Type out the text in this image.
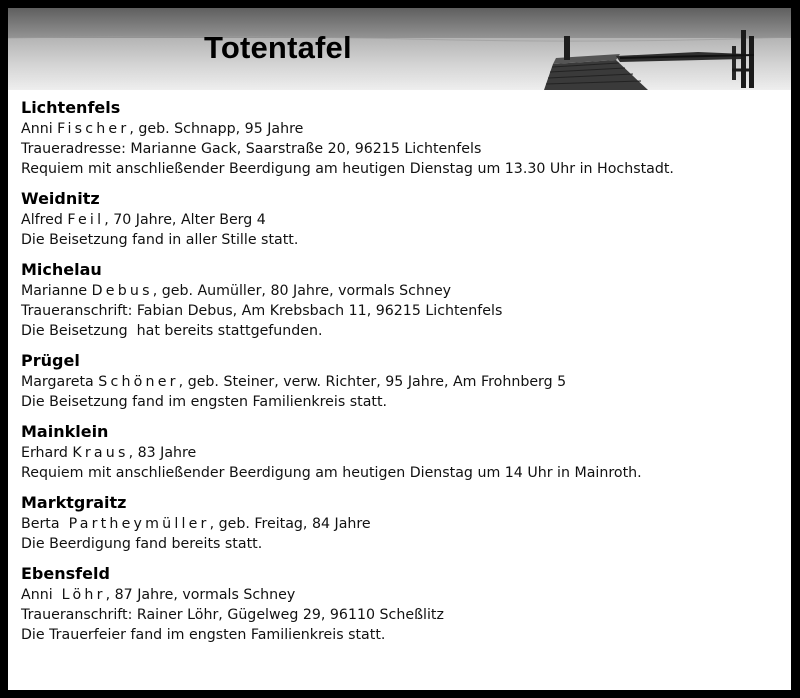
Totentafel
Lichtenfels
Anni Fischer, geb. Schnapp, 95 Jahre
Traueradresse: Marianne Gack, Saarstraße 20, 96215 Lichtenfels
Requiem mit anschließender Beerdigung am heutigen Dienstag um 13.30 Uhr in Hochstadt.
Weidnitz
Alfred Feil, 70 Jahre, Alter Berg 4
Die Beisetzung fand in aller Stille statt.
Michelau
Marianne Debus, geb. Aumüller, 80 Jahre, vormals Schney
Traueranschrift: Fabian Debus, Am Krebsbach 11, 96215 Lichtenfels
Die Beisetzung  hat bereits stattgefunden.
Prügel
Margareta Schöner, geb. Steiner, verw. Richter, 95 Jahre, Am Frohnberg 5
Die Beisetzung fand im engsten Familienkreis statt.
Mainklein
Erhard Kraus, 83 Jahre
Requiem mit anschließender Beerdigung am heutigen Dienstag um 14 Uhr in Mainroth.
Marktgraitz
Berta  Partheymüller, geb. Freitag, 84 Jahre
Die Beerdigung fand bereits statt.
Ebensfeld
Anni  Löhr, 87 Jahre, vormals Schney
Traueranschrift: Rainer Löhr, Gügelweg 29, 96110 Scheßlitz
Die Trauerfeier fand im engsten Familienkreis statt.
